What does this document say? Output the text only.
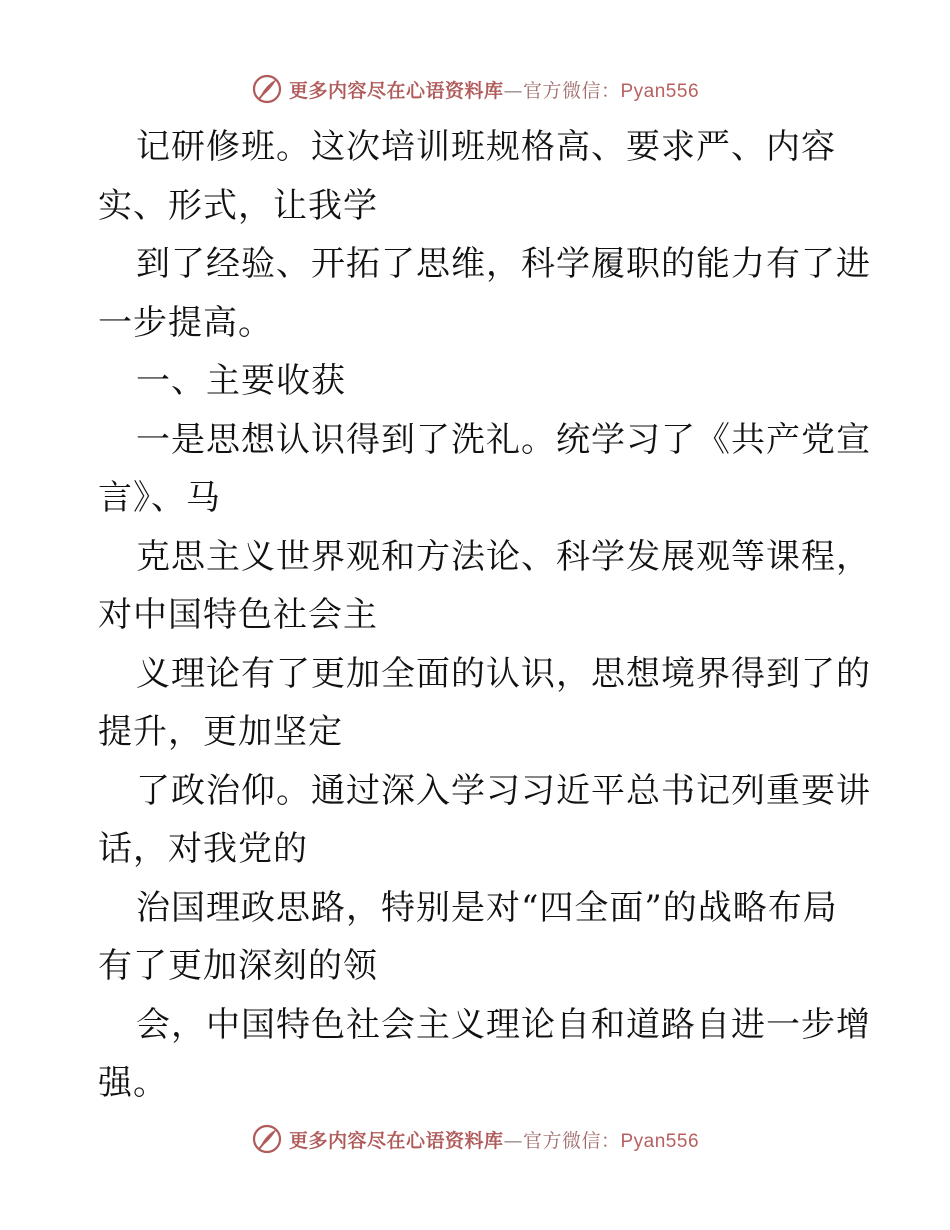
更多内容尽在心语资料库—官方微信：Pyan556
记研修班。这次培训班规格高、要求严、内容
实、形式，让我学
到了经验、开拓了思维，科学履职的能力有了进
一步提高。
一、主要收获
一是思想认识得到了洗礼。统学习了《共产党宣
言》、马
克思主义世界观和方法论、科学发展观等课程，
对中国特色社会主
义理论有了更加全面的认识，思想境界得到了的
提升，更加坚定
了政治仰。通过深入学习习近平总书记列重要讲
话，对我党的
治国理政思路，特别是对“四全面”的战略布局
有了更加深刻的领
会，中国特色社会主义理论自和道路自进一步增
强。
更多内容尽在心语资料库—官方微信：Pyan556
